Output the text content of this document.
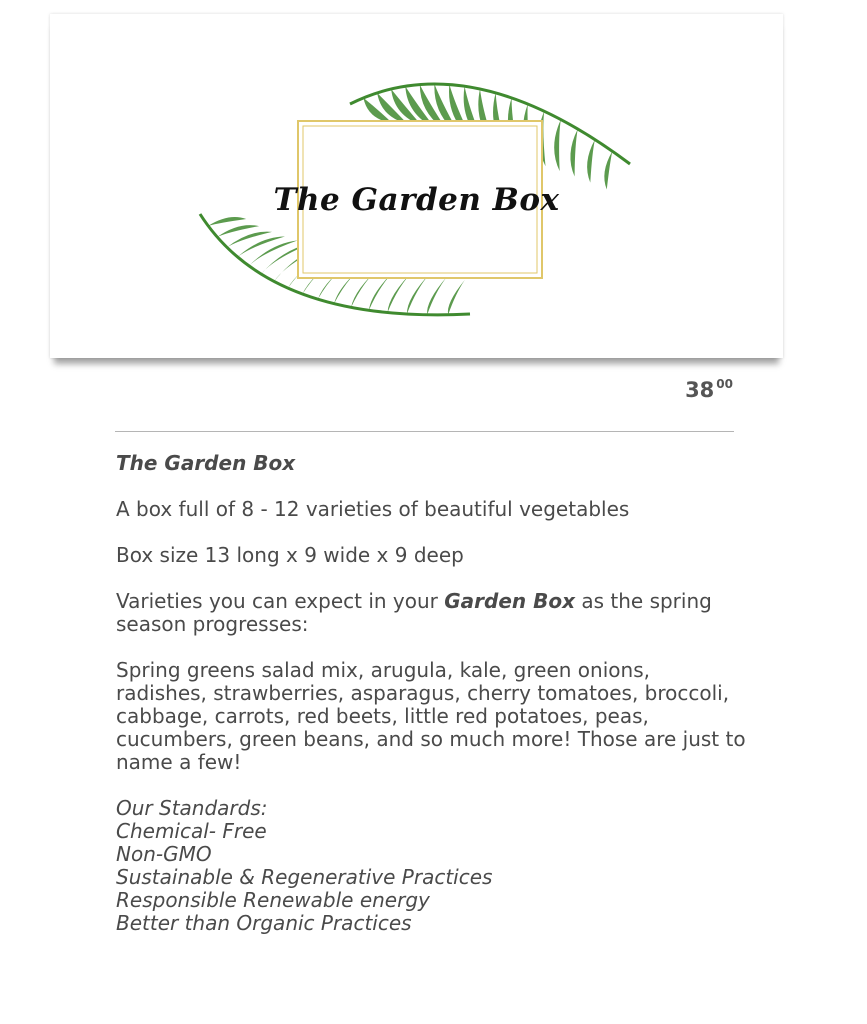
The Garden Box
38 $^{00}$

The Garden Box

A box full of 8 - 12 varieties of beautiful vegetables

Box size 13 long x 9 wide x 9 deep

Varieties you can expect in your Garden Box as the spring season progresses:

Spring greens salad mix, arugula, kale, green onions, radishes, strawberries, asparagus, cherry tomatoes, broccoli, cabbage, carrots, red beets, little red potatoes, peas, cucumbers, green beans, and so much more! Those are just to name a few!

Our Standards:
Chemical- Free
Non-GMO
Sustainable & Regenerative Practices
Responsible Renewable energy
Better than Organic Practices
